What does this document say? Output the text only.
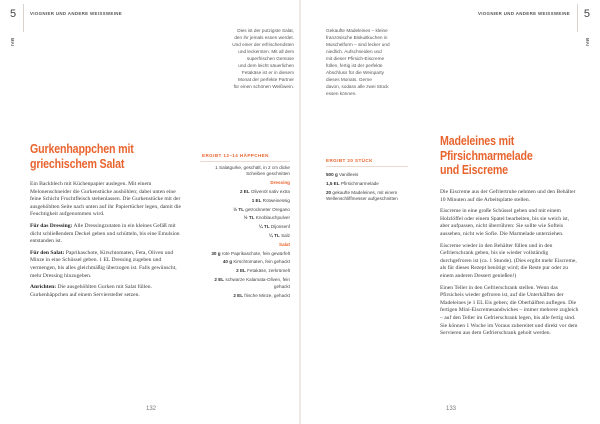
5	VIOGNIER UND ANDERE WEISSWEINE
MAI

Dies ist der putzigste Salat,

den ihr jemals essen werdet.

Und einer der erfrischendsten

und leckersten. Mit all dem

superfrischen Gemüse

und dem leicht säuerlichen

Fetakäse ist er in diesem

Monat der perfekte Partner

für einen schönen Weißwein.

Gurkenhappchen mit
griechischem Salat

Ein Backblech mit Küchenpapier auslegen. Mit einem Melonenschneider die Gurkenstücke aushöhlen; dabei unten eine feine Schicht Fruchtfleisch stehenlassen. Die Gurkenstücke mit der ausgehöhlten Seite nach unten auf ihr Papiertücher legen, damit die Feuchtigkeit aufgenommen wird.

Für das Dressing: Alle Dressingzutaten in ein kleines Gefäß mit dicht schließendem Deckel geben und schütteln, bis eine Emulsion entstanden ist.

Für den Salat: Paprikaschote, Kirschtomaten, Feta, Oliven und Minze in eine Schüssel geben. 1 EL Dressing zugeben und vermengen, bis alles gleichmäßig überzogen ist. Falls gewünscht, mehr Dressing hinzugeben.

Anrichten: Die ausgehöhlten Gurken mit Salat füllen. Gurkenhäppchen auf einem Serviersteller setzen.

ERGIBT 12–14 HÄPPCHEN
1 Salatgurke, geschält, in 2 cm dicke Scheiben geschnitten
Dressing
2 EL Olivenöl nativ extra
1 EL Rotweinessig
½ TL getrockneter Oregano
½ TL Knoblauchpulver
¼ TL Dijonsenf
¼ TL Salz
Salat
30 g rote Paprikaschote, fein gewürfelt
40 g Kirschtomaten, fein gehackt
2 EL Fetakäse, zerkrümelt
2 EL schwarze Kalamata-Oliven, fein gehackt
2 EL frische Minze, gehackt
132
VIOGNIER UND ANDERE WEISSWEINE 5
MAI

Gekaufte Madeleines – kleine

französische Biskuitkuchen in

Muschelform – sind lecker und

niedlich. Aufschneiden und

mit dieser Pfirsich-Eiscreme

füllen, fertig ist der perfekte

Abschluss für die Weinparty

dieses Monats. Gerne

davon, sodass alle zwei Stück

essen können.

ERGIBT 20 STÜCK
500 g Vanilleeis
1,5 EL Pfirsichmarmelade
20 gekaufte Madeleines, mit einem Wellenschliffmesser aufgeschnitten
Madeleines mit
Pfirsichmarmelade
und Eiscreme

Die Eiscreme aus der Gefriertruhe nehmen und den Behälter 10 Minuten auf die Arbeitsplatte stellen.

Eiscreme in eine große Schüssel geben und mit einem Holzlöffel oder einem Spatel bearbeiten, bis sie weich ist, aber aufpassen, nicht überrühren: Sie sollte wie Softeis aussehen, nicht wie Sofie. Die Marmelade unterziehen.

Eiscreme wieder in den Behälter füllen und in den Gefrierschrank geben, bis sie wieder vollständig durchgefroren ist (ca. 1 Stunde). (Dies ergibt mehr Eiscreme, als für dieses Rezept benötigt wird; die Reste pur oder zu einem anderen Dessert genießen!)

Einen Teller in den Gefrierschrank stellen. Wenn das Pfirsicheis wieder gefroren ist, auf die Unterhälften der Madeleines je 1 EL Eis geben; die Oberhälften auflegen. Die fertigen Mini-Eiscremesandwiches – immer mehrere zugleich – auf den Teller im Gefrierschrank legen, bis alle fertig sind. Sie können 1 Woche im Voraus zubereitet und direkt vor dem Servieren aus dem Gefrierschrank geholt werden.

133
